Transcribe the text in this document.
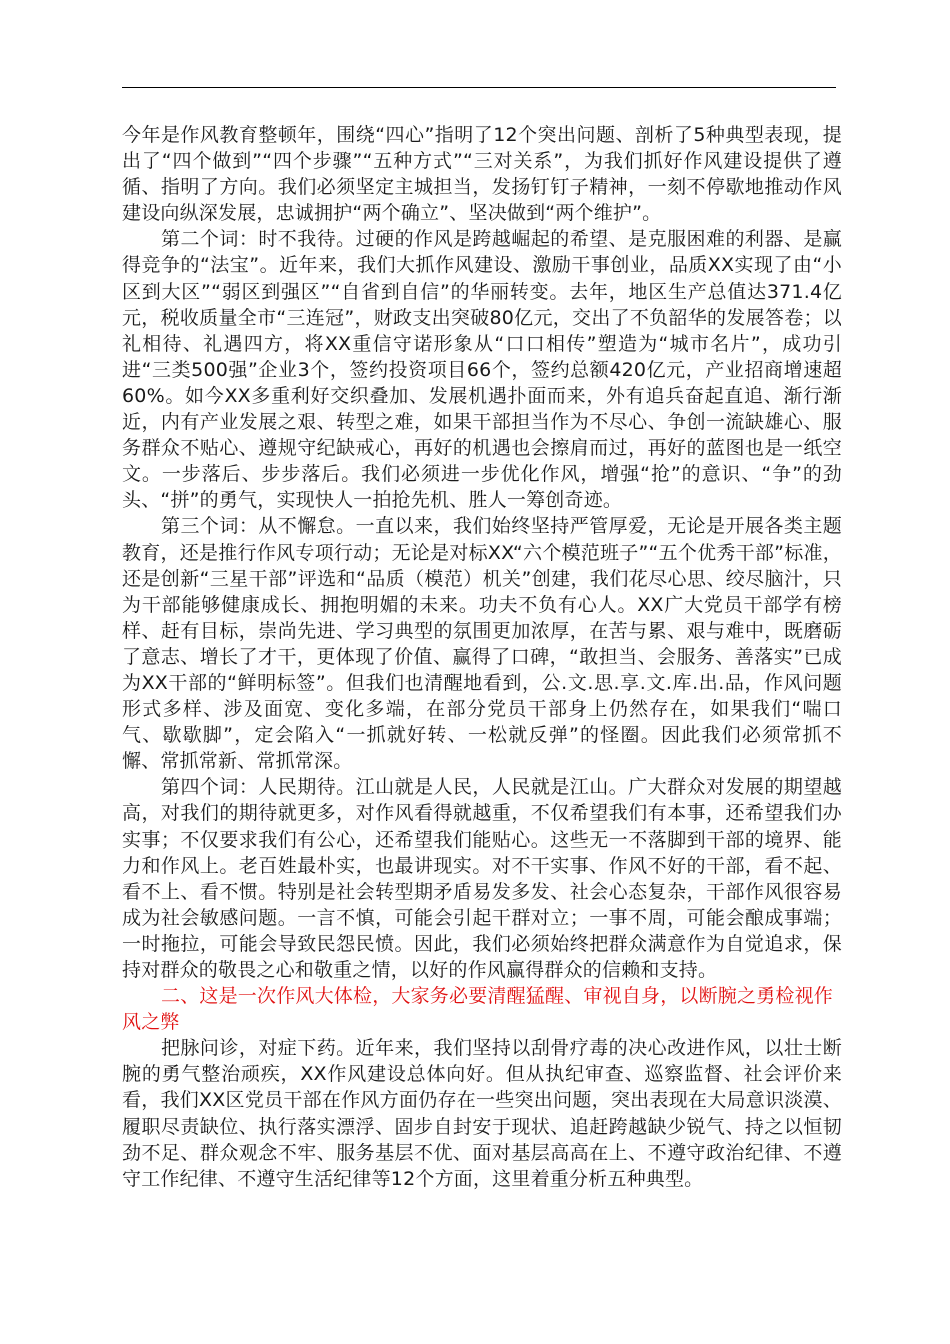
今年是作风教育整顿年，围绕“四心”指明了12个突出问题、剖析了5种典型表现，提出了“四个做到”“四个步骤”“五种方式”“三对关系”，为我们抓好作风建设提供了遵循、指明了方向。我们必须坚定主城担当，发扬钉钉子精神，一刻不停歇地推动作风建设向纵深发展，忠诚拥护“两个确立”、坚决做到“两个维护”。

第二个词：时不我待。过硬的作风是跨越崛起的希望、是克服困难的利器、是赢得竞争的“法宝”。近年来，我们大抓作风建设、激励干事创业，品质XX实现了由“小区到大区”“弱区到强区”“自省到自信”的华丽转变。去年，地区生产总值达371.4亿元，税收质量全市“三连冠”，财政支出突破80亿元，交出了不负韶华的发展答卷；以礼相待、礼遇四方，将XX重信守诺形象从“口口相传”塑造为“城市名片”，成功引进“三类500强”企业3个，签约投资项目66个，签约总额420亿元，产业招商增速超60%。如今XX多重利好交织叠加、发展机遇扑面而来，外有追兵奋起直追、渐行渐近，内有产业发展之艰、转型之难，如果干部担当作为不尽心、争创一流缺雄心、服务群众不贴心、遵规守纪缺戒心，再好的机遇也会擦肩而过，再好的蓝图也是一纸空文。一步落后、步步落后。我们必须进一步优化作风，增强“抢”的意识、“争”的劲头、“拼”的勇气，实现快人一拍抢先机、胜人一筹创奇迹。

第三个词：从不懈怠。一直以来，我们始终坚持严管厚爱，无论是开展各类主题教育，还是推行作风专项行动；无论是对标XX“六个模范班子”“五个优秀干部”标准，还是创新“三星干部”评选和“品质（模范）机关”创建，我们花尽心思、绞尽脑汁，只为干部能够健康成长、拥抱明媚的未来。功夫不负有心人。XX广大党员干部学有榜样、赶有目标，崇尚先进、学习典型的氛围更加浓厚，在苦与累、艰与难中，既磨砺了意志、增长了才干，更体现了价值、赢得了口碑，“敢担当、会服务、善落实”已成为XX干部的“鲜明标签”。但我们也清醒地看到，公.文.思.享.文.库.出.品，作风问题形式多样、涉及面宽、变化多端，在部分党员干部身上仍然存在，如果我们“喘口气、歇歇脚”，定会陷入“一抓就好转、一松就反弹”的怪圈。因此我们必须常抓不懈、常抓常新、常抓常深。

第四个词：人民期待。江山就是人民，人民就是江山。广大群众对发展的期望越高，对我们的期待就更多，对作风看得就越重，不仅希望我们有本事，还希望我们办实事；不仅要求我们有公心，还希望我们能贴心。这些无一不落脚到干部的境界、能力和作风上。老百姓最朴实，也最讲现实。对不干实事、作风不好的干部，看不起、看不上、看不惯。特别是社会转型期矛盾易发多发、社会心态复杂，干部作风很容易成为社会敏感问题。一言不慎，可能会引起干群对立；一事不周，可能会酿成事端；一时拖拉，可能会导致民怨民愤。因此，我们必须始终把群众满意作为自觉追求，保持对群众的敬畏之心和敬重之情，以好的作风赢得群众的信赖和支持。

二、这是一次作风大体检，大家务必要清醒猛醒、审视自身，以断腕之勇检视作风之弊

把脉问诊，对症下药。近年来，我们坚持以刮骨疗毒的决心改进作风，以壮士断腕的勇气整治顽疾，XX作风建设总体向好。但从执纪审查、巡察监督、社会评价来看，我们XX区党员干部在作风方面仍存在一些突出问题，突出表现在大局意识淡漠、履职尽责缺位、执行落实漂浮、固步自封安于现状、追赶跨越缺少锐气、持之以恒韧劲不足、群众观念不牢、服务基层不优、面对基层高高在上、不遵守政治纪律、不遵守工作纪律、不遵守生活纪律等12个方面，这里着重分析五种典型。
